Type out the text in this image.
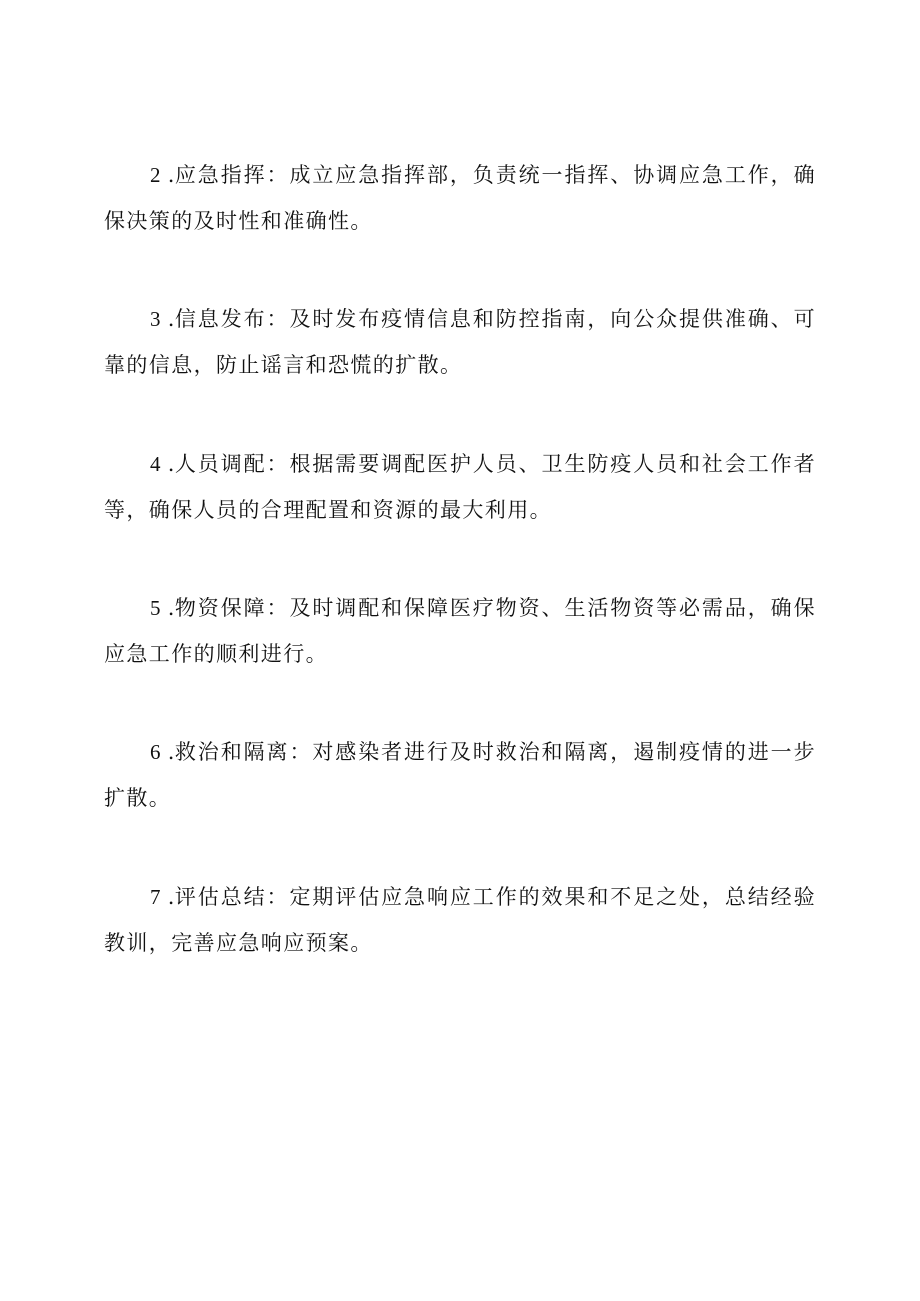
2 .应急指挥：成立应急指挥部，负责统一指挥、协调应急工作，确保决策的及时性和准确性。

3 .信息发布：及时发布疫情信息和防控指南，向公众提供准确、可靠的信息，防止谣言和恐慌的扩散。

4 .人员调配：根据需要调配医护人员、卫生防疫人员和社会工作者等，确保人员的合理配置和资源的最大利用。

5 .物资保障：及时调配和保障医疗物资、生活物资等必需品，确保应急工作的顺利进行。

6 .救治和隔离：对感染者进行及时救治和隔离，遏制疫情的进一步扩散。

7 .评估总结：定期评估应急响应工作的效果和不足之处，总结经验教训，完善应急响应预案。
